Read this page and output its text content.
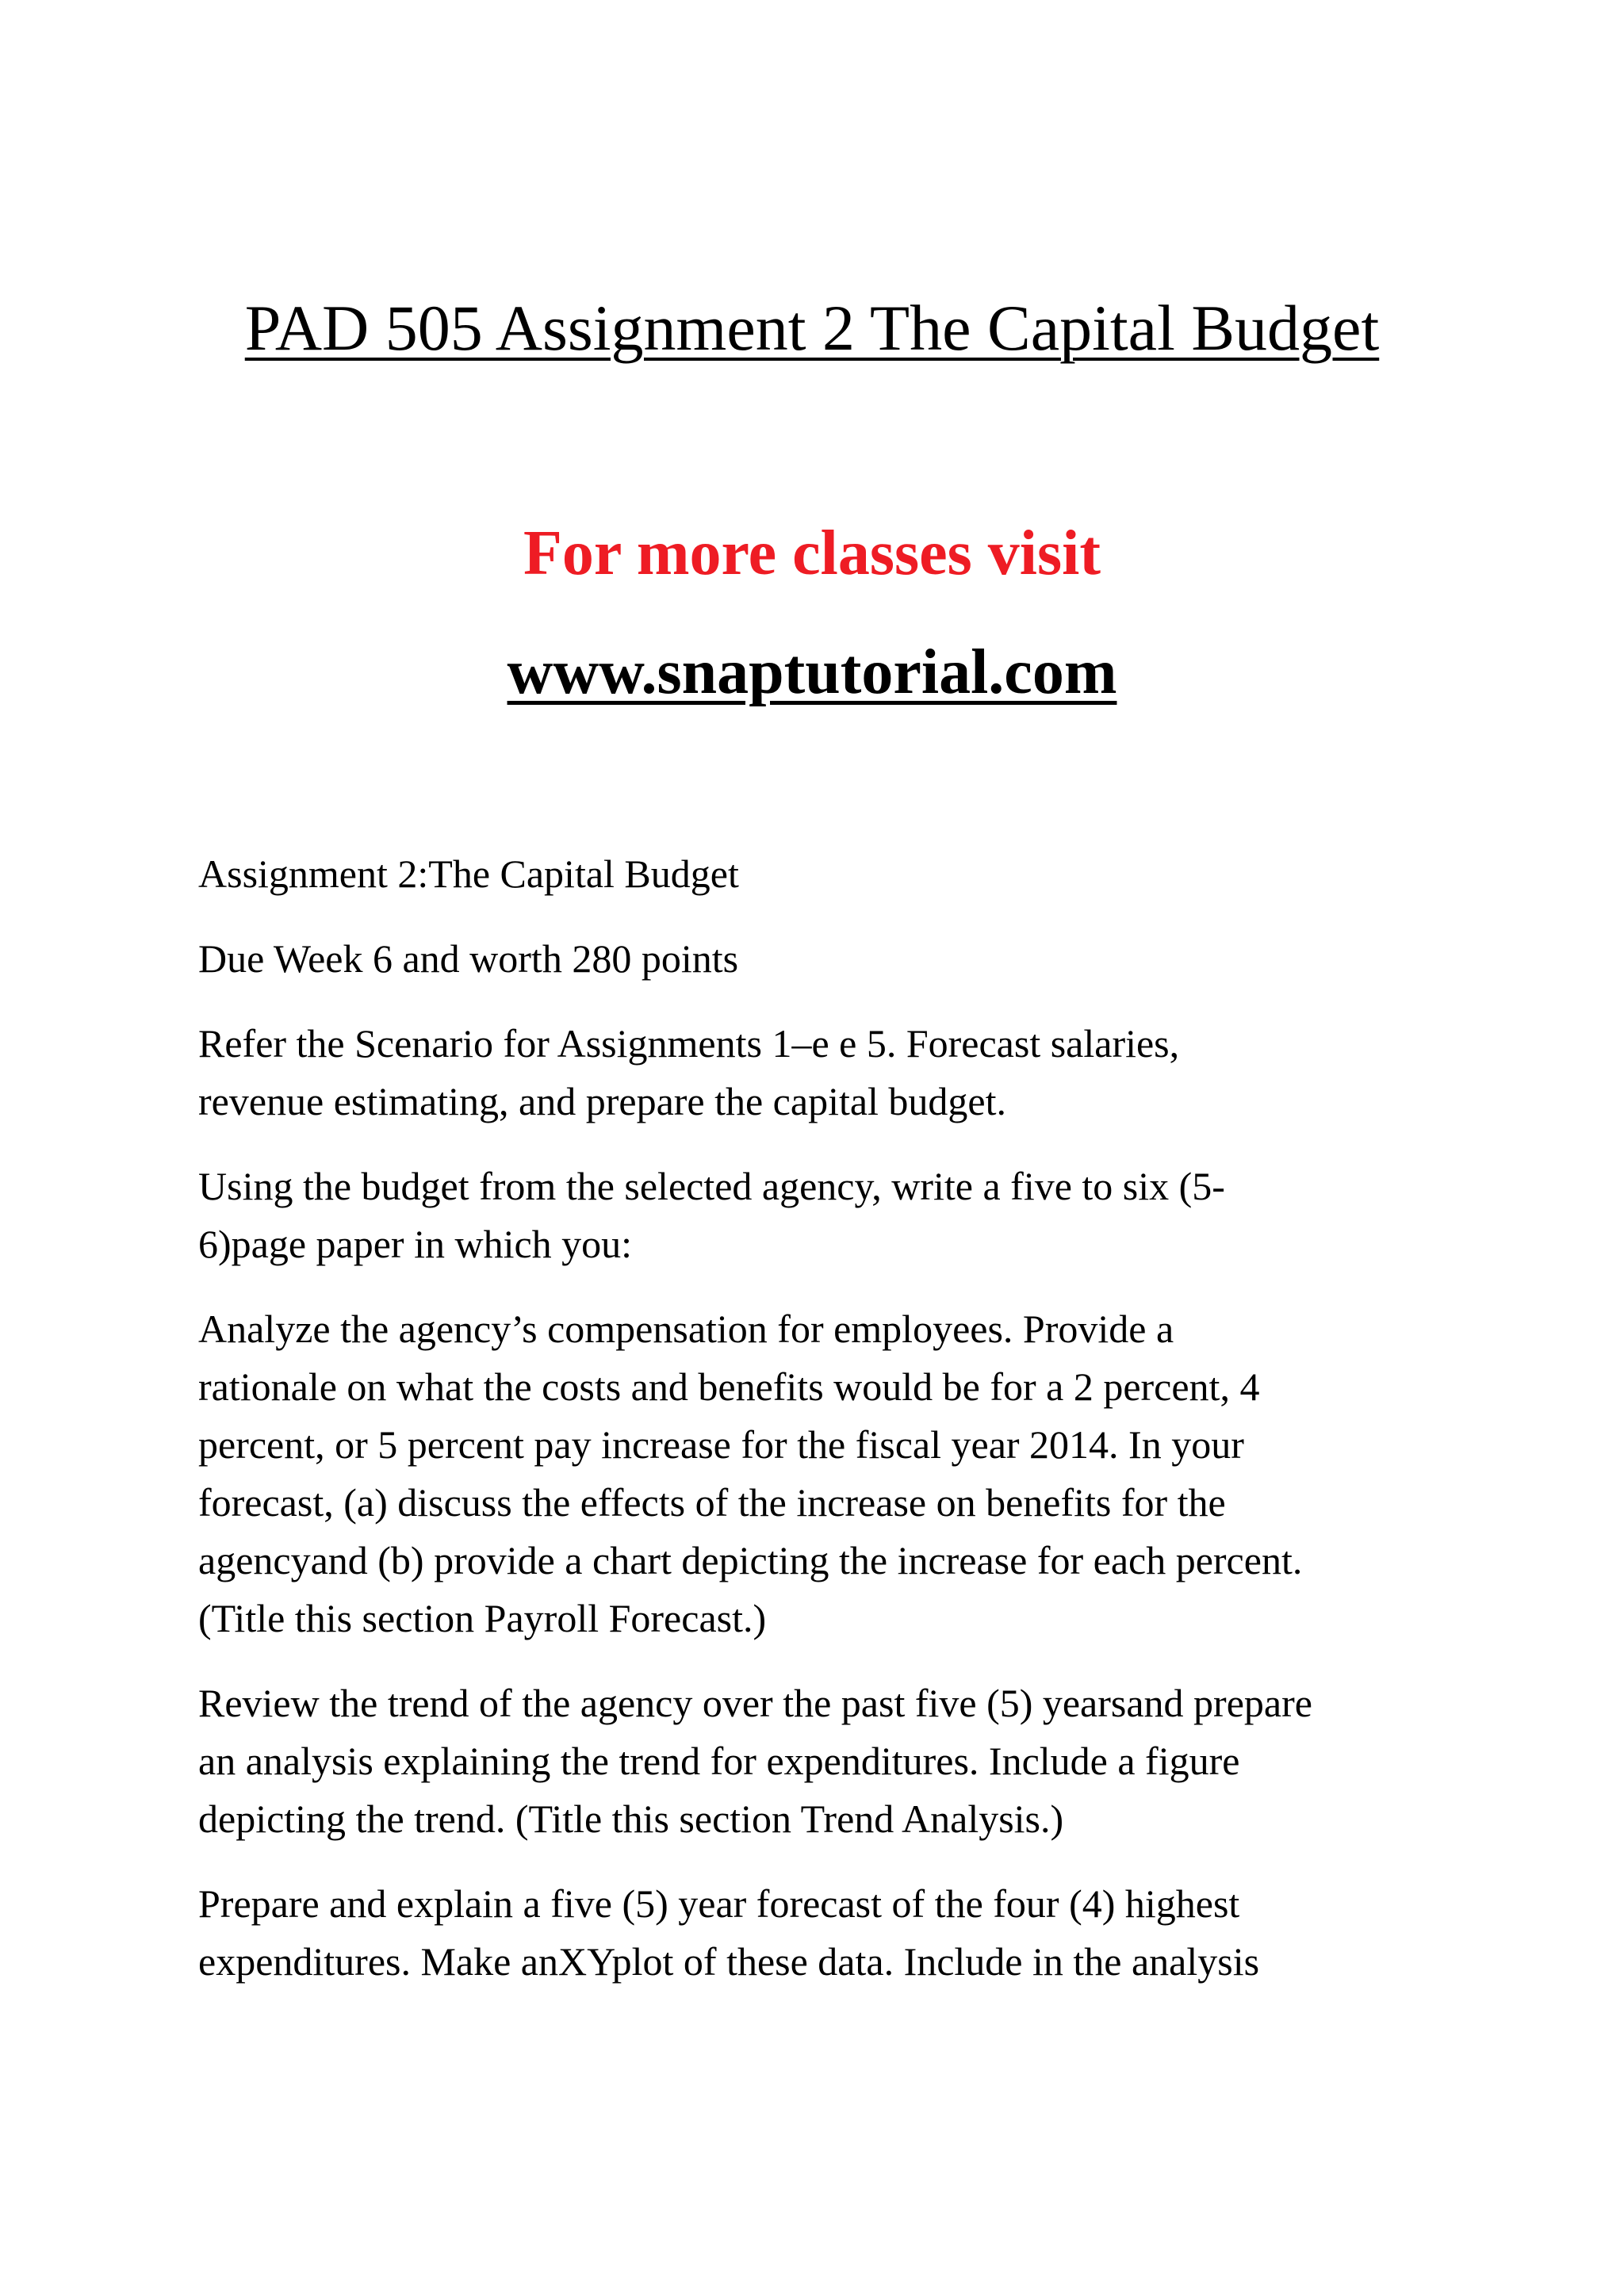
PAD 505 Assignment 2 The Capital Budget
For more classes visit
www.snaptutorial.com

Assignment 2:The Capital Budget

Due Week 6 and worth 280 points

Refer the Scenario for Assignments 1–e e 5. Forecast salaries,
revenue estimating, and prepare the capital budget.

Using the budget from the selected agency, write a five to six (5-
6)page paper in which you:

Analyze the agency’s compensation for employees. Provide a
rationale on what the costs and benefits would be for a 2 percent, 4
percent, or 5 percent pay increase for the fiscal year 2014. In your
forecast, (a) discuss the effects of the increase on benefits for the
agencyand (b) provide a chart depicting the increase for each percent.
(Title this section Payroll Forecast.)

Review the trend of the agency over the past five (5) yearsand prepare
an analysis explaining the trend for expenditures. Include a figure
depicting the trend. (Title this section Trend Analysis.)

Prepare and explain a five (5) year forecast of the four (4) highest
expenditures. Make anXYplot of these data. Include in the analysis
